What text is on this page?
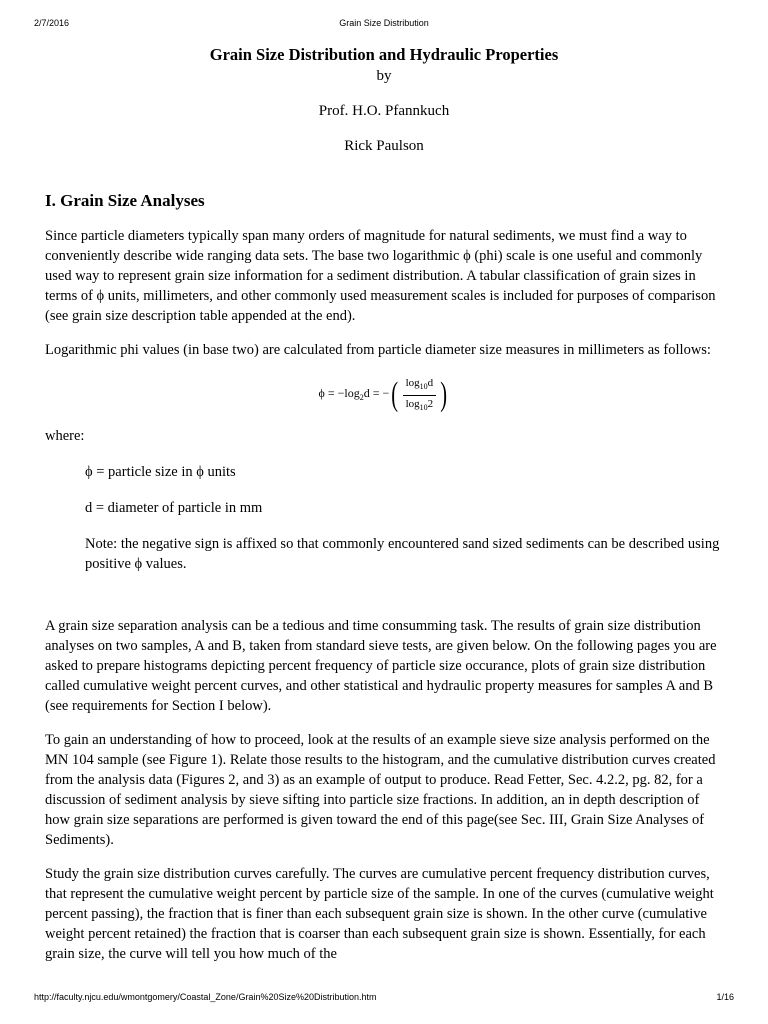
2/7/2016	Grain Size Distribution
Grain Size Distribution and Hydraulic Properties
by
Prof. H.O. Pfannkuch
Rick Paulson
I. Grain Size Analyses

Since particle diameters typically span many orders of magnitude for natural sediments, we must find a way to conveniently describe wide ranging data sets. The base two logarithmic ϕ (phi) scale is one useful and commonly used way to represent grain size information for a sediment distribution. A tabular classification of grain sizes in terms of ϕ units, millimeters, and other commonly used measurement scales is included for purposes of comparison (see grain size description table appended at the end).

Logarithmic phi values (in base two) are calculated from particle diameter size measures in millimeters as follows:

$\phi = -\log_2d$ = − ( $\frac{\log_{10}d}{\log_{10}2}$ )

where:

ϕ = particle size in ϕ units

d = diameter of particle in mm

Note: the negative sign is affixed so that commonly encountered sand sized sediments can be described using positive ϕ values.

A grain size separation analysis can be a tedious and time consumming task. The results of grain size distribution analyses on two samples, A and B, taken from standard sieve tests, are given below. On the following pages you are asked to prepare histograms depicting percent frequency of particle size occurance, plots of grain size distribution called cumulative weight percent curves, and other statistical and hydraulic property measures for samples A and B (see requirements for Section I below).

To gain an understanding of how to proceed, look at the results of an example sieve size analysis performed on the MN 104 sample (see Figure 1). Relate those results to the histogram, and the cumulative distribution curves created from the analysis data (Figures 2, and 3) as an example of output to produce. Read Fetter, Sec. 4.2.2, pg. 82, for a discussion of sediment analysis by sieve sifting into particle size fractions. In addition, an in depth description of how grain size separations are performed is given toward the end of this page(see Sec. III, Grain Size Analyses of Sediments).

Study the grain size distribution curves carefully. The curves are cumulative percent frequency distribution curves, that represent the cumulative weight percent by particle size of the sample. In one of the curves (cumulative weight percent passing), the fraction that is finer than each subsequent grain size is shown. In the other curve (cumulative weight percent retained) the fraction that is coarser than each subsequent grain size is shown. Essentially, for each grain size, the curve will tell you how much of the

http://faculty.njcu.edu/wmontgomery/Coastal_Zone/Grain%20Size%20Distribution.htm	1/16
